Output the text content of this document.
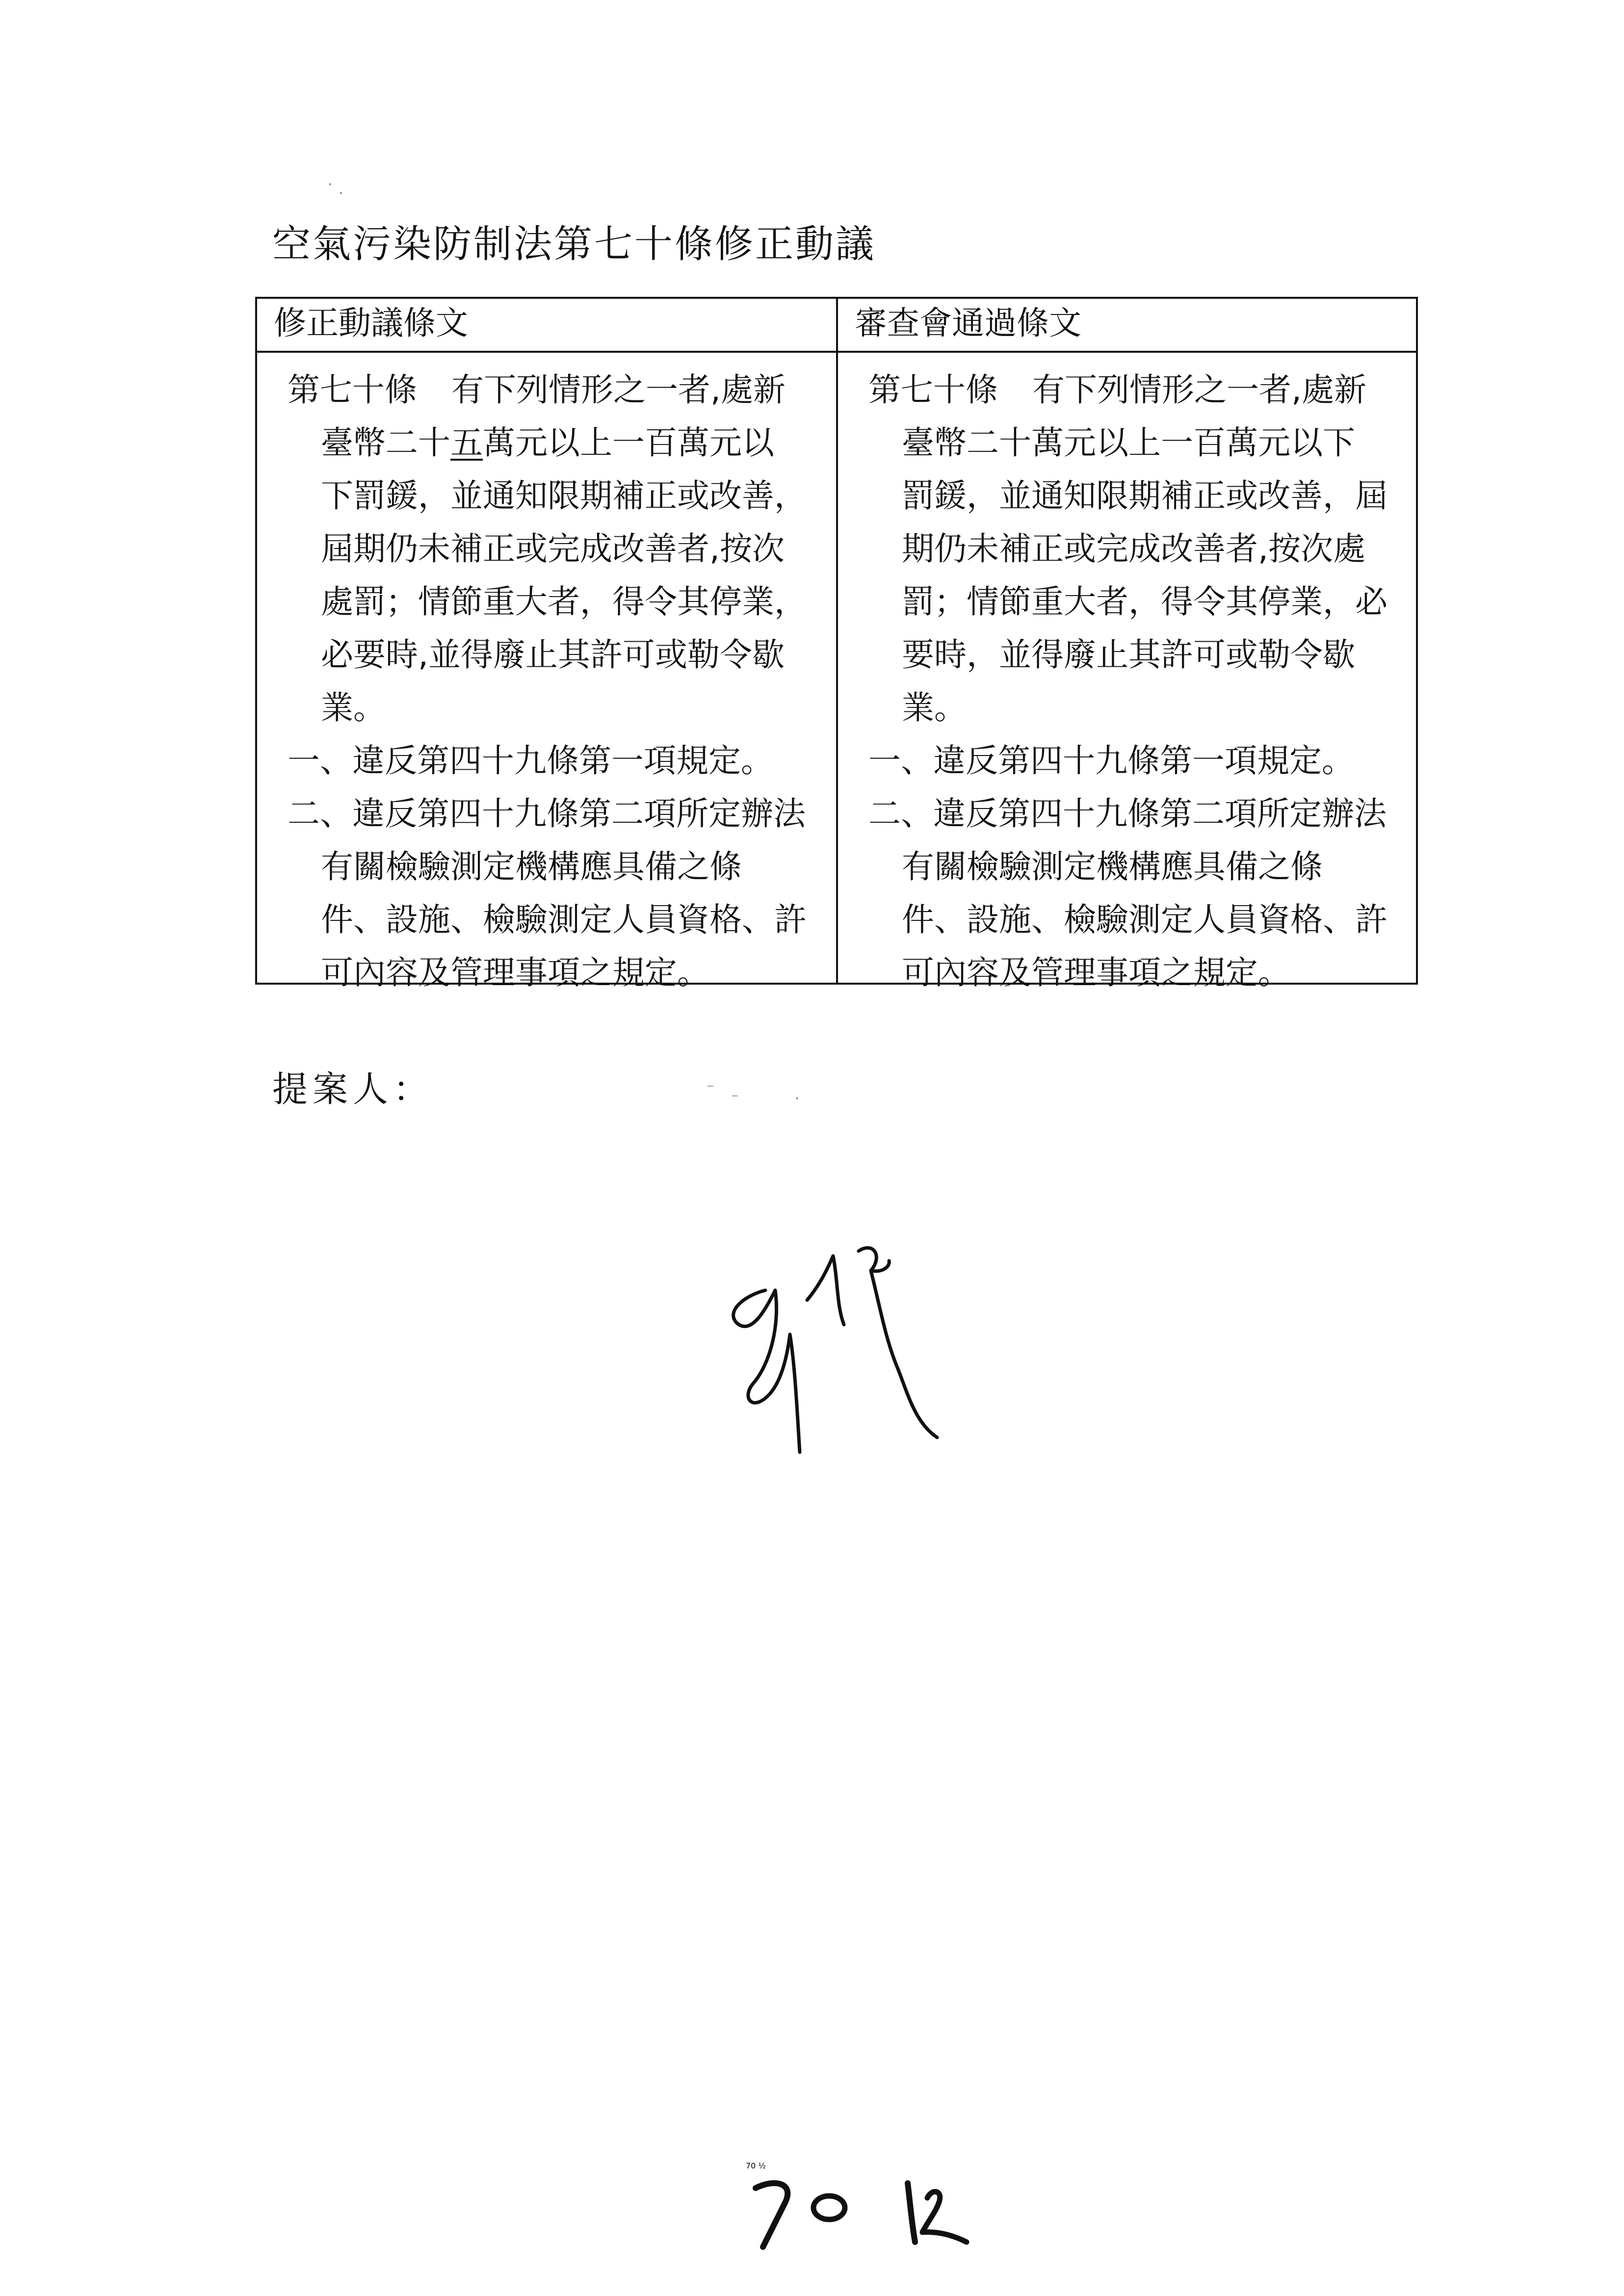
·
·
⁻
⁻	·
空氣污染防制法第七十條修正動議
修正動議條文	審查會通過條文
第七十條 有下列情形之一者,處新
臺幣二十五萬元以上一百萬元以
下罰鍰，並通知限期補正或改善，
屆期仍未補正或完成改善者,按次
處罰；情節重大者，得令其停業，
必要時,並得廢止其許可或勒令歇
業。
一、違反第四十九條第一項規定。
二、違反第四十九條第二項所定辦法
有關檢驗測定機構應具備之條
件、設施、檢驗測定人員資格、許
可內容及管理事項之規定。
第七十條 有下列情形之一者,處新
臺幣二十萬元以上一百萬元以下
罰鍰，並通知限期補正或改善，屆
期仍未補正或完成改善者,按次處
罰；情節重大者，得令其停業，必
要時，並得廢止其許可或勒令歇
業。
一、違反第四十九條第一項規定。
二、違反第四十九條第二項所定辦法
有關檢驗測定機構應具備之條
件、設施、檢驗測定人員資格、許
可內容及管理事項之規定。
提案人：
70 ½
